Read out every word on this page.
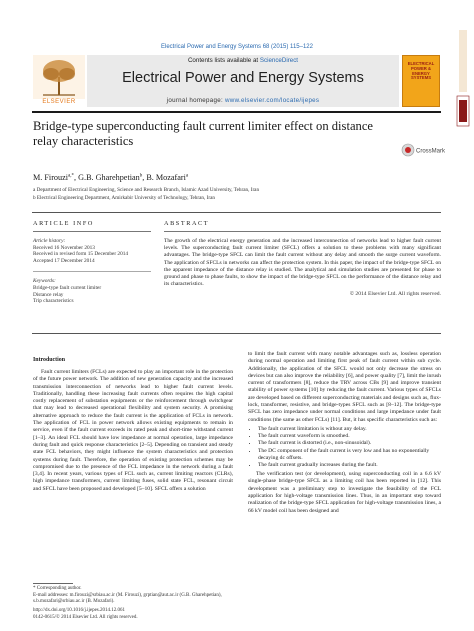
Electrical Power and Energy Systems 68 (2015) 115–122
ELSEVIER
Contents lists available at ScienceDirect
Electrical Power and Energy Systems
journal homepage: www.elsevier.com/locate/ijepes
ELECTRICAL POWER & ENERGY SYSTEMS
Bridge-type superconducting fault current limiter effect on distance relay characteristics
CrossMark
M. Firouzi$^{a,*}$, G.B. Gharehpetian$^b$, B. Mozafari$^a$
a Department of Electrical Engineering, Science and Research Branch, Islamic Azad University, Tehran, Iran
b Electrical Engineering Department, Amirkabir University of Technology, Tehran, Iran
ARTICLE INFO
Article history:
Received 16 November 2013
Received in revised form 15 December 2014
Accepted 17 December 2014
Keywords:
Bridge-type fault current limiter
Distance relay
Trip characteristics
ABSTRACT
The growth of the electrical energy generation and the increased interconnection of networks lead to higher fault current levels. The superconducting fault current limiter (SFCL) offers a solution to these problems with many significant advantages. The bridge-type SFCL can limit the fault current without any delay and smooth the surge current waveform. The application of SFCLs in networks can affect the protection system. In this paper, the impact of the bridge-type SFCL on the apparent impedance of the distance relay is studied. The analytical and simulation studies are presented for phase to ground and phase to phase faults, to show the impact of the bridge-type SFCL on the performance of the distance relay and its characteristics.
© 2014 Elsevier Ltd. All rights reserved.
Introduction

Fault current limiters (FCLs) are expected to play an important role in the protection of the future power network. The addition of new generation capacity and the increased transmission interconnection of networks lead to higher fault current levels. Traditionally, handling these increasing fault currents often requires the high capital costly replacement of substation equipments or the reinforcement through switchgear that may lead to decreased operational flexibility and system security. A promising alternative approach to reduce the fault current is the application of FCLs in network. The application of FCL in power network allows existing equipments to remain in service, even if the fault current exceeds its rated peak and short-time withstand current [1–3]. An ideal FCL should have low impedance at normal operation, large impedance during fault and quick response characteristics [2–5]. Depending on transient and steady state FCL behaviors, they might influence the system characteristics and protection systems during fault. Therefore, the operation of existing protection schemes may be compromised due to the presence of the FCL impedance in the network during a fault [3,4]. In recent years, various types of FCL such as, current limiting reactors (CLRs), high impedance transformers, current limiting fuses, solid state FCL, resonant circuit and SFCL have been proposed and developed [5–10]. SFCL offers a solution

to limit the fault current with many notable advantages such as, lossless operation during normal operation and limiting first peak of fault current within sub cycle. Additionally, the application of the SFCL would not only decrease the stress on devices but can also improve the reliability [6], and power quality [7], limit the inrush current of transformers [8], reduce the TRV across CBs [9] and improve transient stability of power systems [10] by reducing the fault current. Various types of SFCLs are developed based on different superconducting materials and designs such as, flux-lock, transformer, resistive, and bridge-types SFCL such as [8–12]. The bridge-type SFCL has zero impedance under normal conditions and large impedance under fault conditions (the same as other FCLs) [11]. But, it has specific characteristics such as:

• The fault current limitation is without any delay.
• The fault current waveform is smoothed.
• The fault current is distorted (i.e., non-sinusoidal).
• The DC component of the fault current is very low and has no exponentially decaying dc offsets.
• The fault current gradually increases during the fault.

The verification test (or development), using superconducting coil in a 6.6 kV single-phase bridge-type SFCL as a limiting coil has been reported in [12]. This development was a preliminary step to investigate the feasibility of the FCL application for high-voltage transmission lines. Thus, in an important step toward realization of the bridge-type SFCL application for high-voltage transmission lines, a 66 kV model coil has been designed and

* Corresponding author.
E-mail addresses: m.firouzi@srbiau.ac.ir (M. Firouzi), grptian@aut.ac.ir (G.B. Gharehpetian), s.b.mozafari@srbiau.ac.ir (B. Mozafari).
http://dx.doi.org/10.1016/j.ijepes.2014.12.061
0142-0615/© 2014 Elsevier Ltd. All rights reserved.
